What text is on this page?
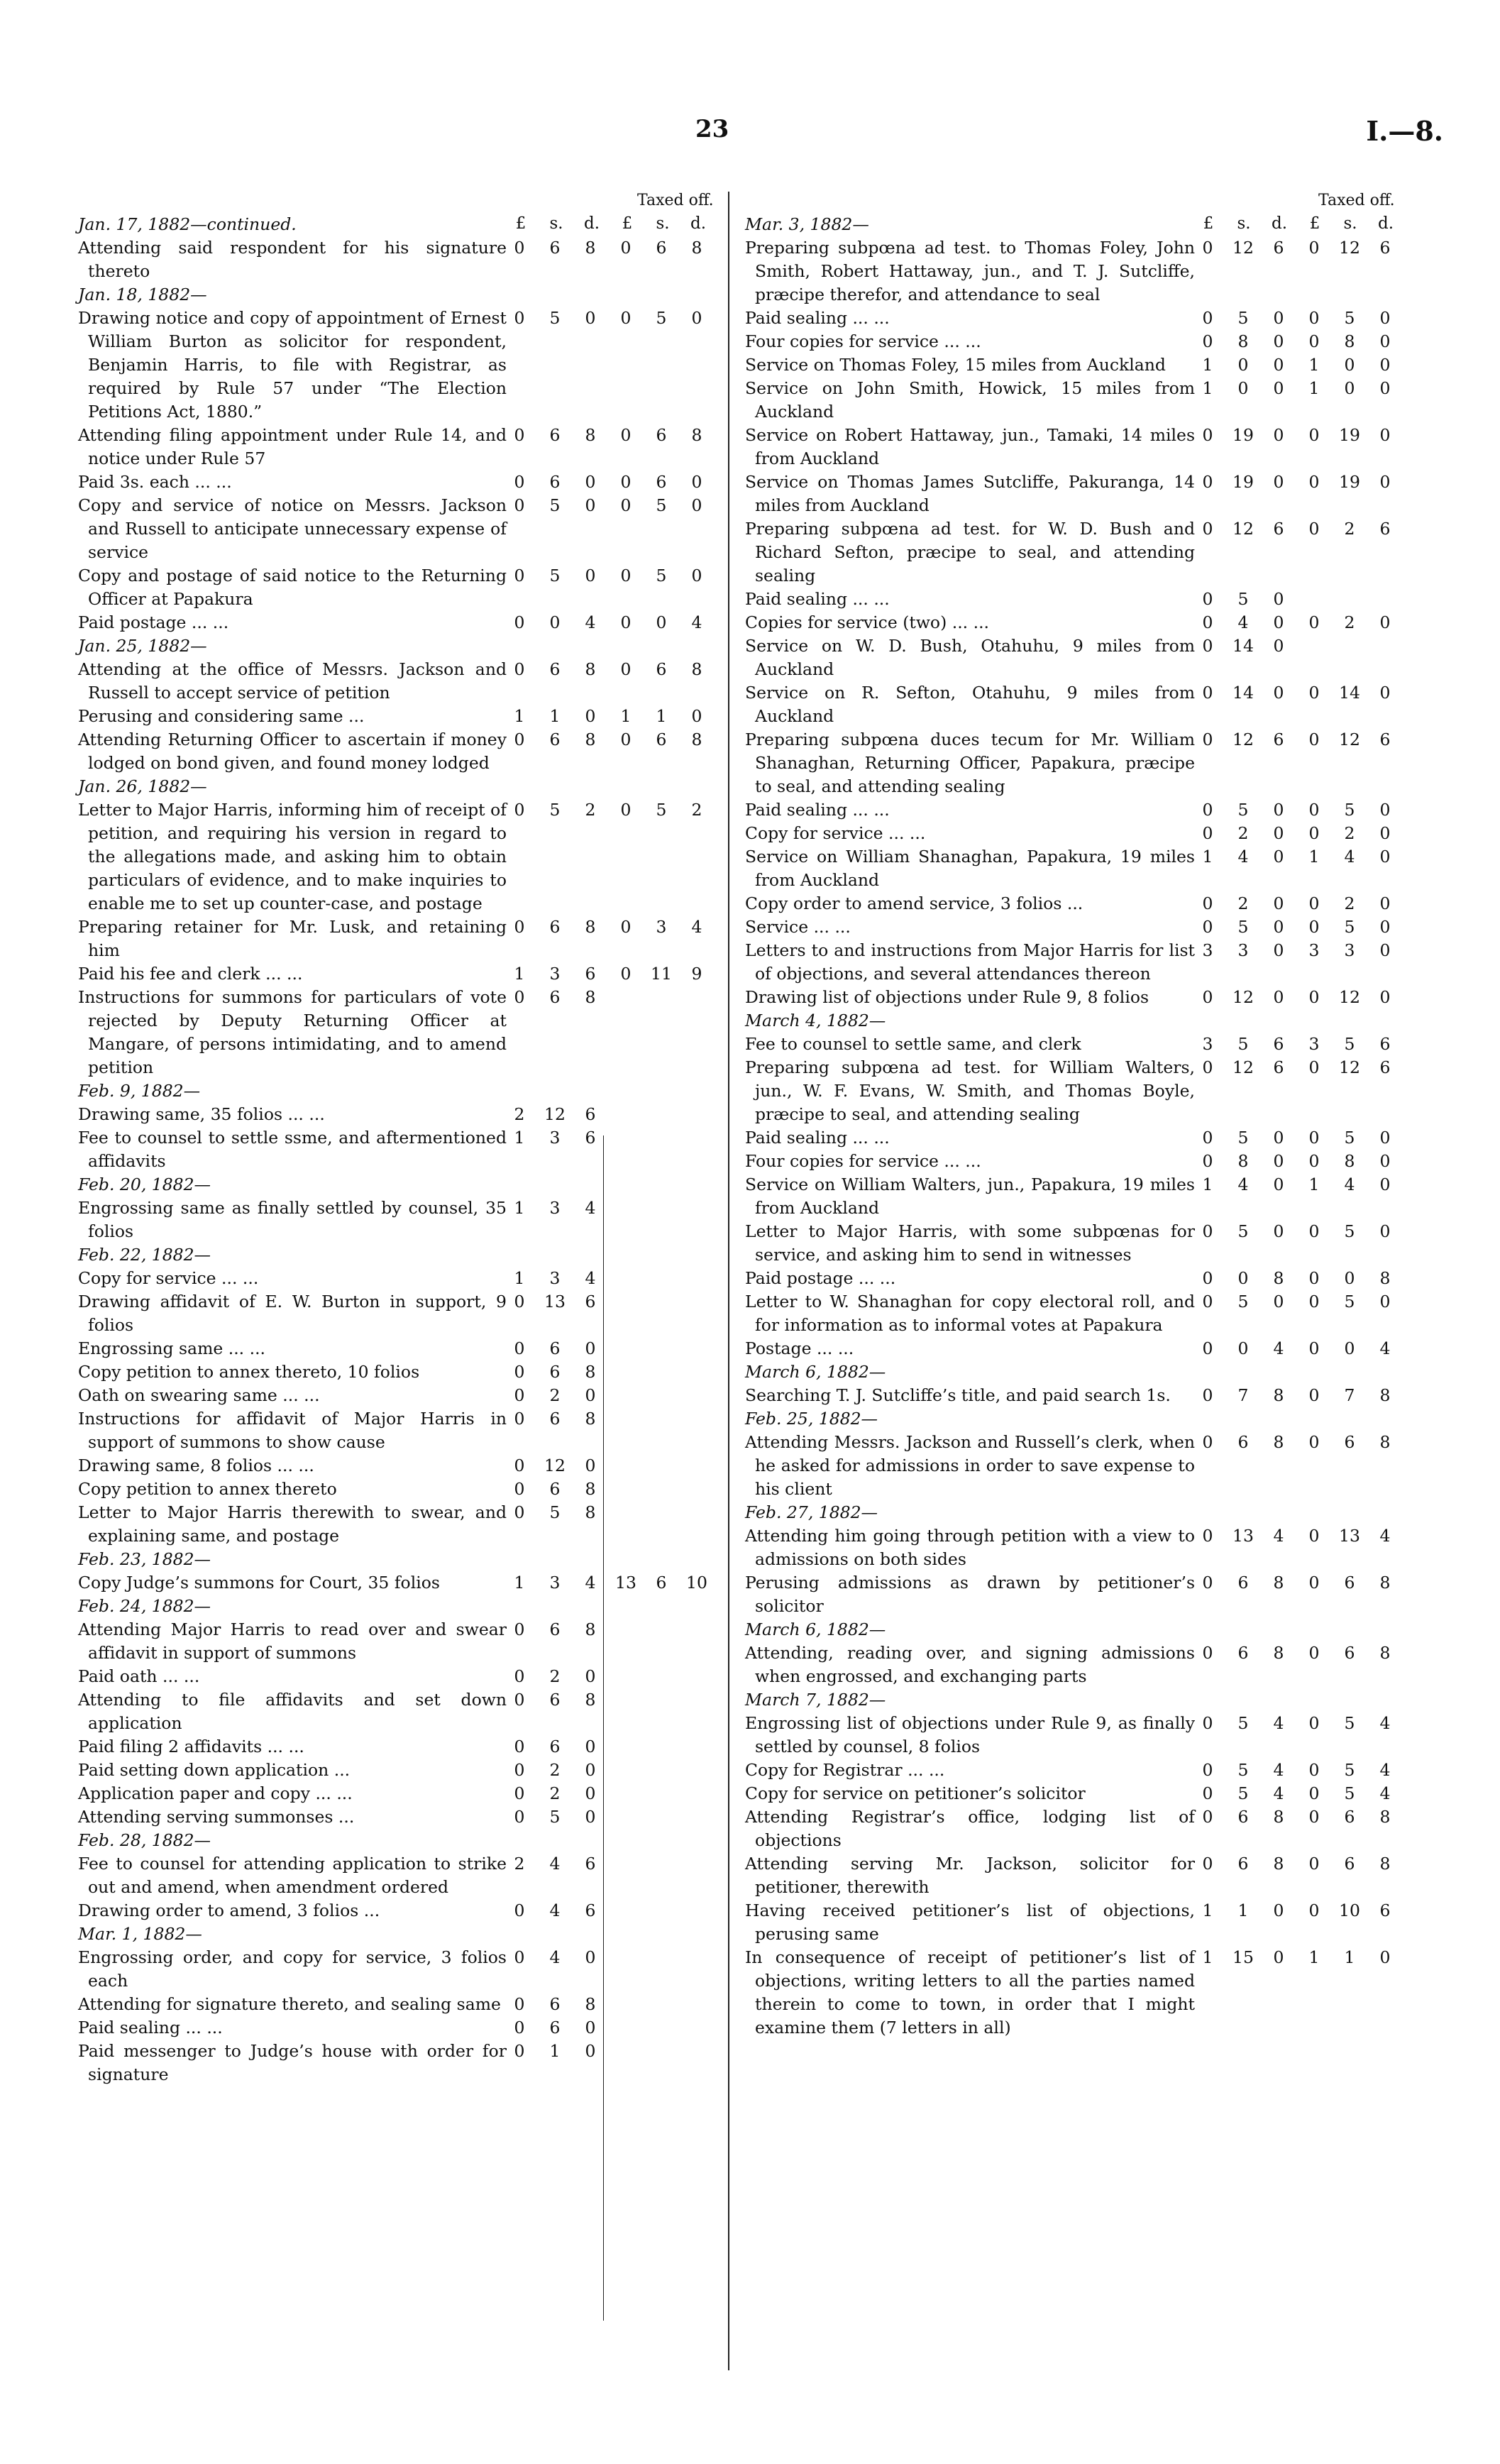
23	I.—8.
Taxed off.	Taxed off.
£	s.	d.	£	s.	d.	£	s.	d.	£	s.	d.
Jan. 17, 1882—continued.
Attending said respondent for his signature thereto
0	6	8	0	6	8
Jan. 18, 1882—
Drawing notice and copy of appointment of Ernest William Burton as solicitor for respondent, Benjamin Harris, to file with Registrar, as required by Rule 57 under “The Election Petitions Act, 1880.”
0	5	0	0	5	0
Attending filing appointment under Rule 14, and notice under Rule 57
0	6	8	0	6	8
Paid 3s. each ... ...	0	6	0	0	6	0
Copy and service of notice on Messrs. Jackson and Russell to anticipate unnecessary expense of service
0	5	0	0	5	0
Copy and postage of said notice to the Returning Officer at Papakura
0	5	0	0	5	0
Paid postage ... ...	0	0	4	0	0	4
Jan. 25, 1882—
Attending at the office of Messrs. Jackson and Russell to accept service of petition
0	6	8	0	6	8
Perusing and considering same ...	1	1	0	1	1	0
Attending Returning Officer to ascertain if money lodged on bond given, and found money lodged
0	6	8	0	6	8
Jan. 26, 1882—
Letter to Major Harris, informing him of receipt of petition, and requiring his version in regard to the allegations made, and asking him to obtain particulars of evidence, and to make inquiries to enable me to set up counter-case, and postage
0	5	2	0	5	2
Preparing retainer for Mr. Lusk, and retaining him
0	6	8	0	3	4
Paid his fee and clerk ... ...	1	3	6	0	11	9
Instructions for summons for particulars of vote rejected by Deputy Returning Officer at Mangare, of persons intimidating, and to amend petition
0	6	8
Feb. 9, 1882—
Drawing same, 35 folios ... ...	2	12	6
Fee to counsel to settle ssme, and aftermentioned affidavits
1	3	6
Feb. 20, 1882—
Engrossing same as finally settled by counsel, 35 folios
1	3	4
Feb. 22, 1882—
Copy for service ... ...	1	3	4
Drawing affidavit of E. W. Burton in support, 9 folios
0	13	6
Engrossing same ... ...	0	6	0
Copy petition to annex thereto, 10 folios	0	6	8
Oath on swearing same ... ...	0	2	0
Instructions for affidavit of Major Harris in support of summons to show cause
0	6	8
Drawing same, 8 folios ... ...	0	12	0
Copy petition to annex thereto	0	6	8
Letter to Major Harris therewith to swear, and explaining same, and postage
0	5	8
Feb. 23, 1882—
Copy Judge’s summons for Court, 35 folios	1	3	4	13	6	10
Feb. 24, 1882—
Attending Major Harris to read over and swear affidavit in support of summons
0	6	8
Paid oath ... ...	0	2	0
Attending to file affidavits and set down application
0	6	8
Paid filing 2 affidavits ... ...	0	6	0
Paid setting down application ...	0	2	0
Application paper and copy ... ...	0	2	0
Attending serving summonses ...	0	5	0
Feb. 28, 1882—
Fee to counsel for attending application to strike out and amend, when amendment ordered
2	4	6
Drawing order to amend, 3 folios ...	0	4	6
Mar. 1, 1882—
Engrossing order, and copy for service, 3 folios each
0	4	0
Attending for signature thereto, and sealing same 0	6	8
Paid sealing ... ...	0	6	0
Paid messenger to Judge’s house with order for signature
0	1	0
Mar. 3, 1882—
Preparing subpœna ad test. to Thomas Foley, John Smith, Robert Hattaway, jun., and T. J. Sutcliffe, præcipe therefor, and attendance to seal
0	12	6	0	12	6
Paid sealing ... ...	0	5	0	0	5	0
Four copies for service ... ...	0	8	0	0	8	0
Service on Thomas Foley, 15 miles from Auckland	1	0	0	1	0	0
Service on John Smith, Howick, 15 miles from Auckland
1	0	0	1	0	0
Service on Robert Hattaway, jun., Tamaki, 14 miles from Auckland
0	19	0	0	19	0
Service on Thomas James Sutcliffe, Pakuranga, 14 miles from Auckland
0	19	0	0	19	0
Preparing subpœna ad test. for W. D. Bush and Richard Sefton, præcipe to seal, and attending sealing
0	12	6	0	2	6
Paid sealing ... ...	0	5	0
Copies for service (two) ... ...	0	4	0	0	2	0
Service on W. D. Bush, Otahuhu, 9 miles from Auckland
0	14	0
Service on R. Sefton, Otahuhu, 9 miles from Auckland
0	14	0	0	14	0
Preparing subpœna duces tecum for Mr. William Shanaghan, Returning Officer, Papakura, præcipe to seal, and attending sealing
0	12	6	0	12	6
Paid sealing ... ...	0	5	0	0	5	0
Copy for service ... ...	0	2	0	0	2	0
Service on William Shanaghan, Papakura, 19 miles from Auckland
1	4	0	1	4	0
Copy order to amend service, 3 folios ...	0	2	0	0	2	0
Service ... ...	0	5	0	0	5	0
Letters to and instructions from Major Harris for list of objections, and several attendances thereon
3	3	0	3	3	0
Drawing list of objections under Rule 9, 8 folios	0	12	0	0	12	0
March 4, 1882—
Fee to counsel to settle same, and clerk	3	5	6	3	5	6
Preparing subpœna ad test. for William Walters, jun., W. F. Evans, W. Smith, and Thomas Boyle, præcipe to seal, and attending sealing
0	12	6	0	12	6
Paid sealing ... ...	0	5	0	0	5	0
Four copies for service ... ...	0	8	0	0	8	0
Service on William Walters, jun., Papakura, 19 miles from Auckland
1	4	0	1	4	0
Letter to Major Harris, with some subpœnas for service, and asking him to send in witnesses
0	5	0	0	5	0
Paid postage ... ...	0	0	8	0	0	8
Letter to W. Shanaghan for copy electoral roll, and for information as to informal votes at Papakura
0	5	0	0	5	0
Postage ... ...	0	0	4	0	0	4
March 6, 1882—
Searching T. J. Sutcliffe’s title, and paid search 1s.	0	7	8	0	7	8
Feb. 25, 1882—
Attending Messrs. Jackson and Russell’s clerk, when he asked for admissions in order to save expense to his client
0	6	8	0	6	8
Feb. 27, 1882—
Attending him going through petition with a view to admissions on both sides
0	13	4	0	13	4
Perusing admissions as drawn by petitioner’s solicitor
0	6	8	0	6	8
March 6, 1882—
Attending, reading over, and signing admissions when engrossed, and exchanging parts
0	6	8	0	6	8
March 7, 1882—
Engrossing list of objections under Rule 9, as finally settled by counsel, 8 folios
0	5	4	0	5	4
Copy for Registrar ... ...	0	5	4	0	5	4
Copy for service on petitioner’s solicitor	0	5	4	0	5	4
Attending Registrar’s office, lodging list of objections
0	6	8	0	6	8
Attending serving Mr. Jackson, solicitor for petitioner, therewith
0	6	8	0	6	8
Having received petitioner’s list of objections, perusing same
1	1	0	0	10	6
In consequence of receipt of petitioner’s list of objections, writing letters to all the parties named therein to come to town, in order that I might examine them (7 letters in all)
1	15	0	1	1	0
